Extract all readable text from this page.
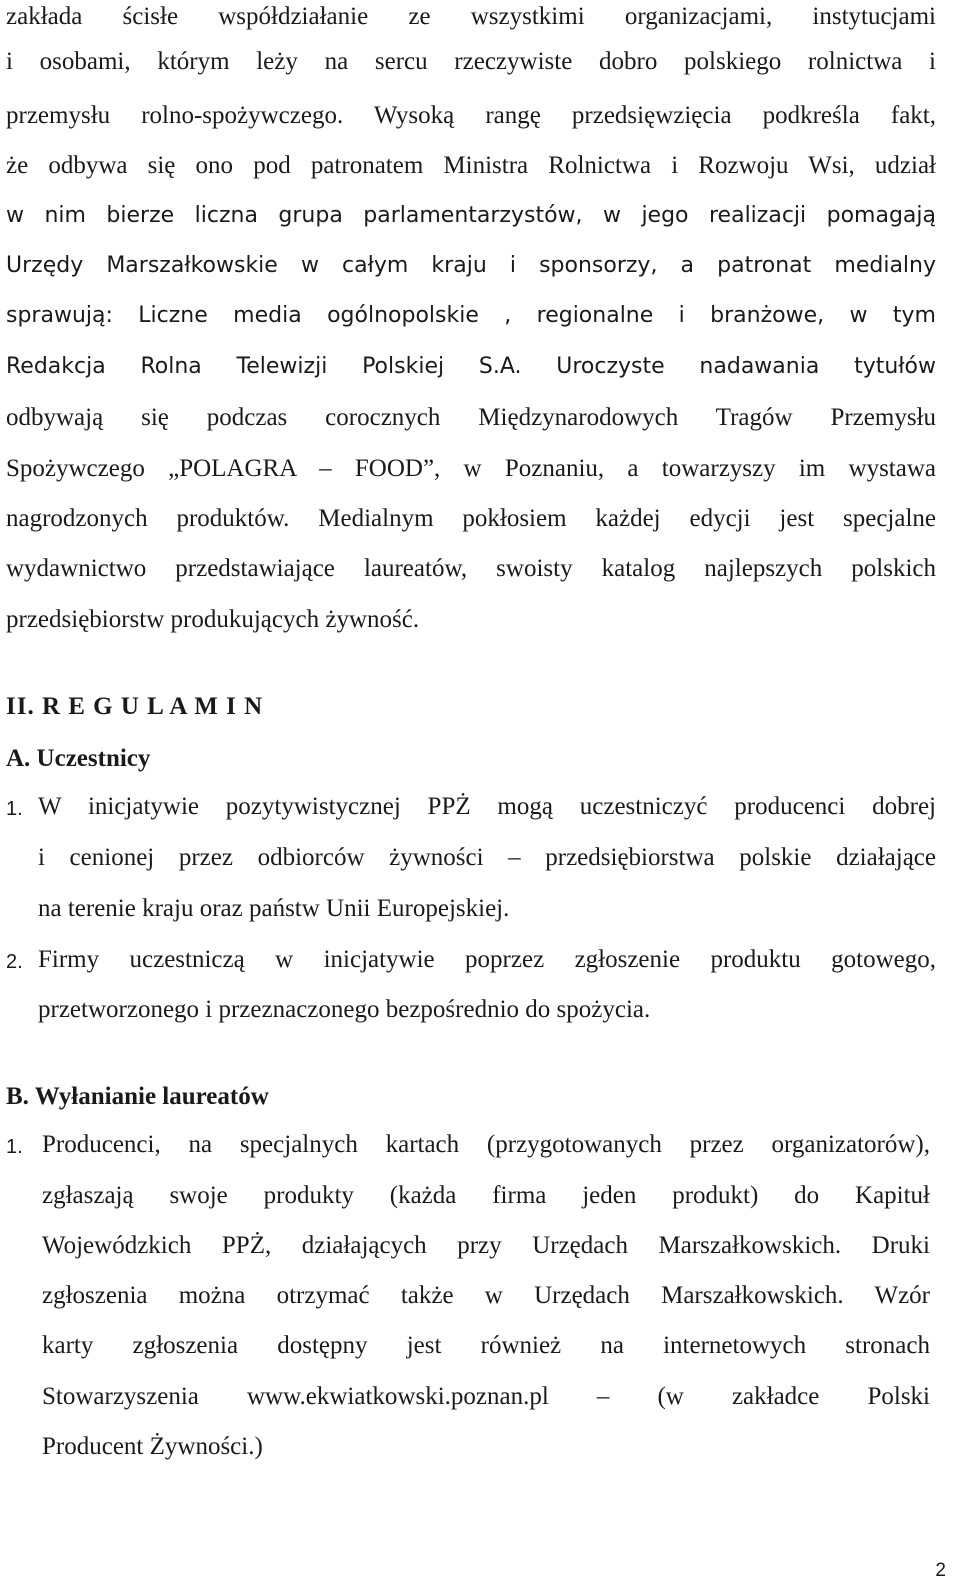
zakłada ścisłe współdziałanie ze wszystkimi organizacjami, instytucjami
i osobami, którym leży na sercu rzeczywiste dobro polskiego rolnictwa i
przemysłu rolno-spożywczego. Wysoką rangę przedsięwzięcia podkreśla fakt,
że odbywa się ono pod patronatem Ministra Rolnictwa i Rozwoju Wsi, udział
w nim bierze liczna grupa parlamentarzystów, w jego realizacji pomagają
Urzędy Marszałkowskie w całym kraju i sponsorzy, a patronat medialny
sprawują: Liczne media ogólnopolskie , regionalne i branżowe, w tym
Redakcja Rolna Telewizji Polskiej S.A. Uroczyste nadawania tytułów
odbywają się podczas corocznych Międzynarodowych Tragów Przemysłu
Spożywczego „POLAGRA – FOOD”, w Poznaniu, a towarzyszy im wystawa
nagrodzonych produktów. Medialnym pokłosiem każdej edycji jest specjalne
wydawnictwo przedstawiające laureatów, swoisty katalog najlepszych polskich
przedsiębiorstw produkujących żywność.
II. R E G U L A M I N
A. Uczestnicy
1. W inicjatywie pozytywistycznej PPŻ mogą uczestniczyć producenci dobrej
i cenionej przez odbiorców żywności – przedsiębiorstwa polskie działające
na terenie kraju oraz państw Unii Europejskiej.
2. Firmy uczestniczą w inicjatywie poprzez zgłoszenie produktu gotowego,
przetworzonego i przeznaczonego bezpośrednio do spożycia.
B. Wyłanianie laureatów
1. Producenci, na specjalnych kartach (przygotowanych przez organizatorów),
zgłaszają swoje produkty (każda firma jeden produkt) do Kapituł
Wojewódzkich PPŻ, działających przy Urzędach Marszałkowskich. Druki
zgłoszenia można otrzymać także w Urzędach Marszałkowskich. Wzór
karty zgłoszenia dostępny jest również na internetowych stronach
Stowarzyszenia www.ekwiatkowski.poznan.pl – (w zakładce Polski
Producent Żywności.)
2
